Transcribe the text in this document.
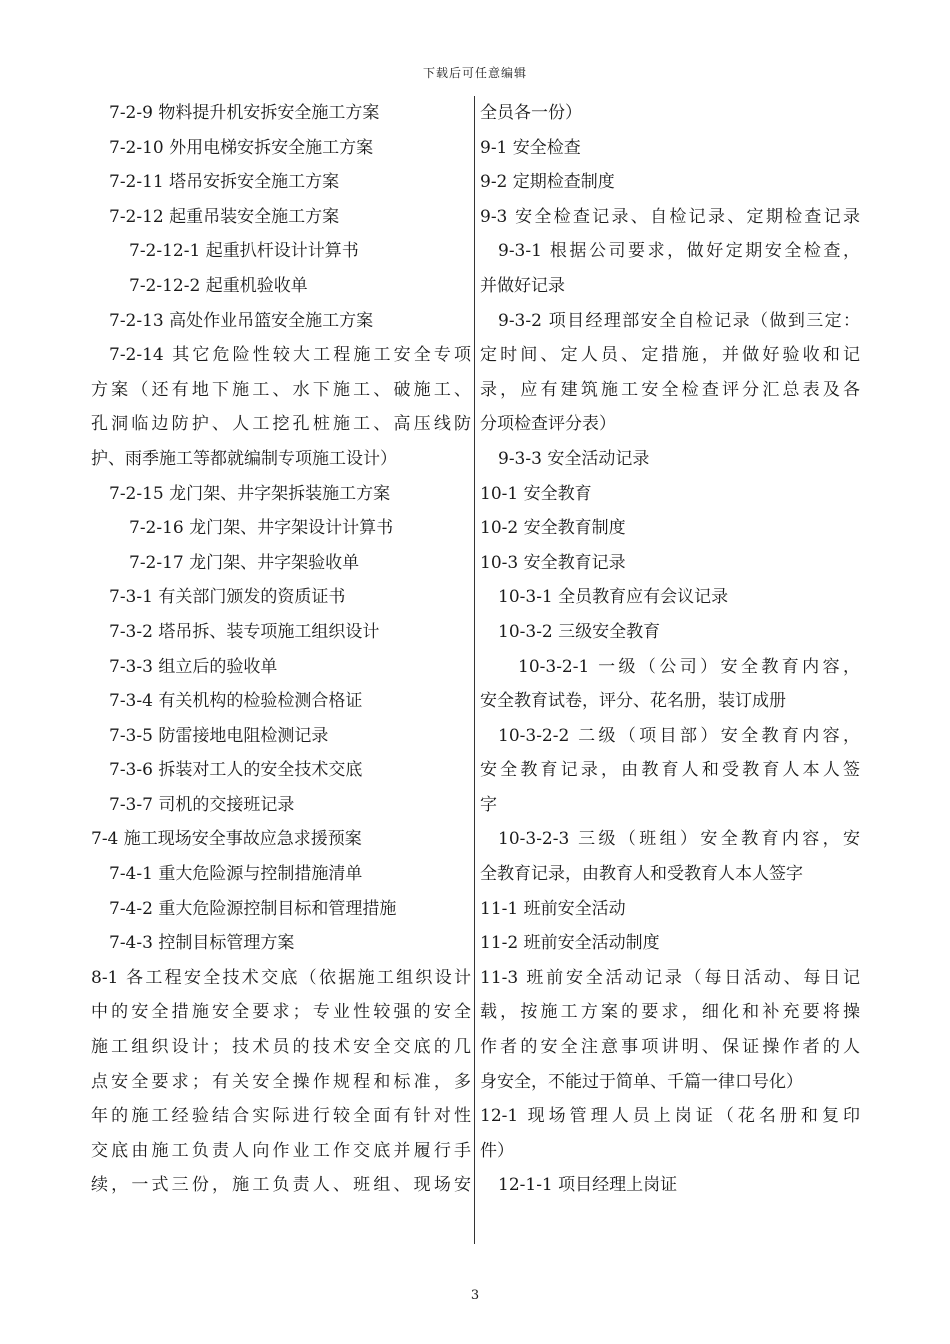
下载后可任意编辑
7-2-9 物料提升机安拆安全施工方案
7-2-10 外用电梯安拆安全施工方案
7-2-11 塔吊安拆安全施工方案
7-2-12 起重吊装安全施工方案
7-2-12-1 起重扒杆设计计算书
7-2-12-2 起重机验收单
7-2-13 高处作业吊篮安全施工方案
7-2-14 其它危险性较大工程施工安全专项
方案（还有地下施工、水下施工、破施工、
孔洞临边防护、人工挖孔桩施工、高压线防
护、雨季施工等都就编制专项施工设计）
7-2-15 龙门架、井字架拆装施工方案
7-2-16 龙门架、井字架设计计算书
7-2-17 龙门架、井字架验收单
7-3-1 有关部门颁发的资质证书
7-3-2 塔吊拆、装专项施工组织设计
7-3-3 组立后的验收单
7-3-4 有关机构的检验检测合格证
7-3-5 防雷接地电阻检测记录
7-3-6 拆装对工人的安全技术交底
7-3-7 司机的交接班记录
7-4 施工现场安全事故应急求援预案
7-4-1 重大危险源与控制措施清单
7-4-2 重大危险源控制目标和管理措施
7-4-3 控制目标管理方案
8-1 各工程安全技术交底（依据施工组织设计
中的安全措施安全要求；专业性较强的安全
施工组织设计；技术员的技术安全交底的几
点安全要求；有关安全操作规程和标准，多
年的施工经验结合实际进行较全面有针对性
交底由施工负责人向作业工作交底并履行手
续，一式三份，施工负责人、班组、现场安
全员各一份）
9-1 安全检查
9-2 定期检查制度
9-3 安全检查记录、自检记录、定期检查记录
9-3-1 根据公司要求，做好定期安全检查，
并做好记录
9-3-2 项目经理部安全自检记录（做到三定：
定时间、定人员、定措施，并做好验收和记
录，应有建筑施工安全检查评分汇总表及各
分项检查评分表）
9-3-3 安全活动记录
10-1 安全教育
10-2 安全教育制度
10-3 安全教育记录
10-3-1 全员教育应有会议记录
10-3-2 三级安全教育
10-3-2-1 一级（公司）安全教育内容，
安全教育试卷，评分、花名册，装订成册
10-3-2-2 二级（项目部）安全教育内容，
安全教育记录，由教育人和受教育人本人签
字
10-3-2-3 三级（班组）安全教育内容，安
全教育记录，由教育人和受教育人本人签字
11-1 班前安全活动
11-2 班前安全活动制度
11-3 班前安全活动记录（每日活动、每日记
载，按施工方案的要求，细化和补充要将操
作者的安全注意事项讲明、保证操作者的人
身安全，不能过于简单、千篇一律口号化）
12-1 现场管理人员上岗证（花名册和复印
件）
12-1-1 项目经理上岗证
3
